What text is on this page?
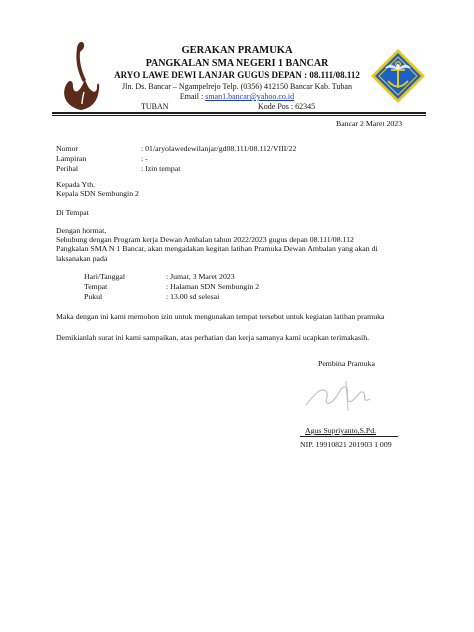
GERAKAN PRAMUKA
PANGKALAN SMA NEGERI 1 BANCAR
ARYO LAWE DEWI LANJAR GUGUS DEPAN : 08.111/08.112
Jln. Ds. Bancar – Ngampelrejo Telp. (0356) 412150 Bancar Kab. Tuban
Email : sman1.bancar@yahoo.co.id
TUBAN	Kode Pos : 62345
Bancar 2 Maret 2023
Nomor	: 01/aryolawedewilanjar/gd08.111/08.112/VIII/22
Lampiran	: -
Perihal	: Izin tempat
Kepada Yth.
Kepala SDN Sembungin 2
Di Tempat
Dengan hormat,
Sehubung dengan Program kerja Dewan Ambalan tahun 2022/2023 gugus depan 08.111/08.112
Pangkalan SMA N 1 Bancar, akan mengadakan kegitan latihan Pramuka Dewan Ambalan yang akan di
laksanakan pada
Hari/Tanggal	: Jumat, 3 Maret 2023
Tempat	: Halaman SDN Sembungin 2
Pukul	: 13.00 sd selesai
Maka dengan ini kami memohon izin untuk mengunakan tempat tersebut untuk kegiatan latihan pramuka
Demikianlah surat ini kami sampaikan, atas perhatian dan kerja samanya kami ucapkan terimakasih.
Pembina Pramuka
Agus Supriyanto,S.Pd.
NIP. 19910821 201903 1 009
